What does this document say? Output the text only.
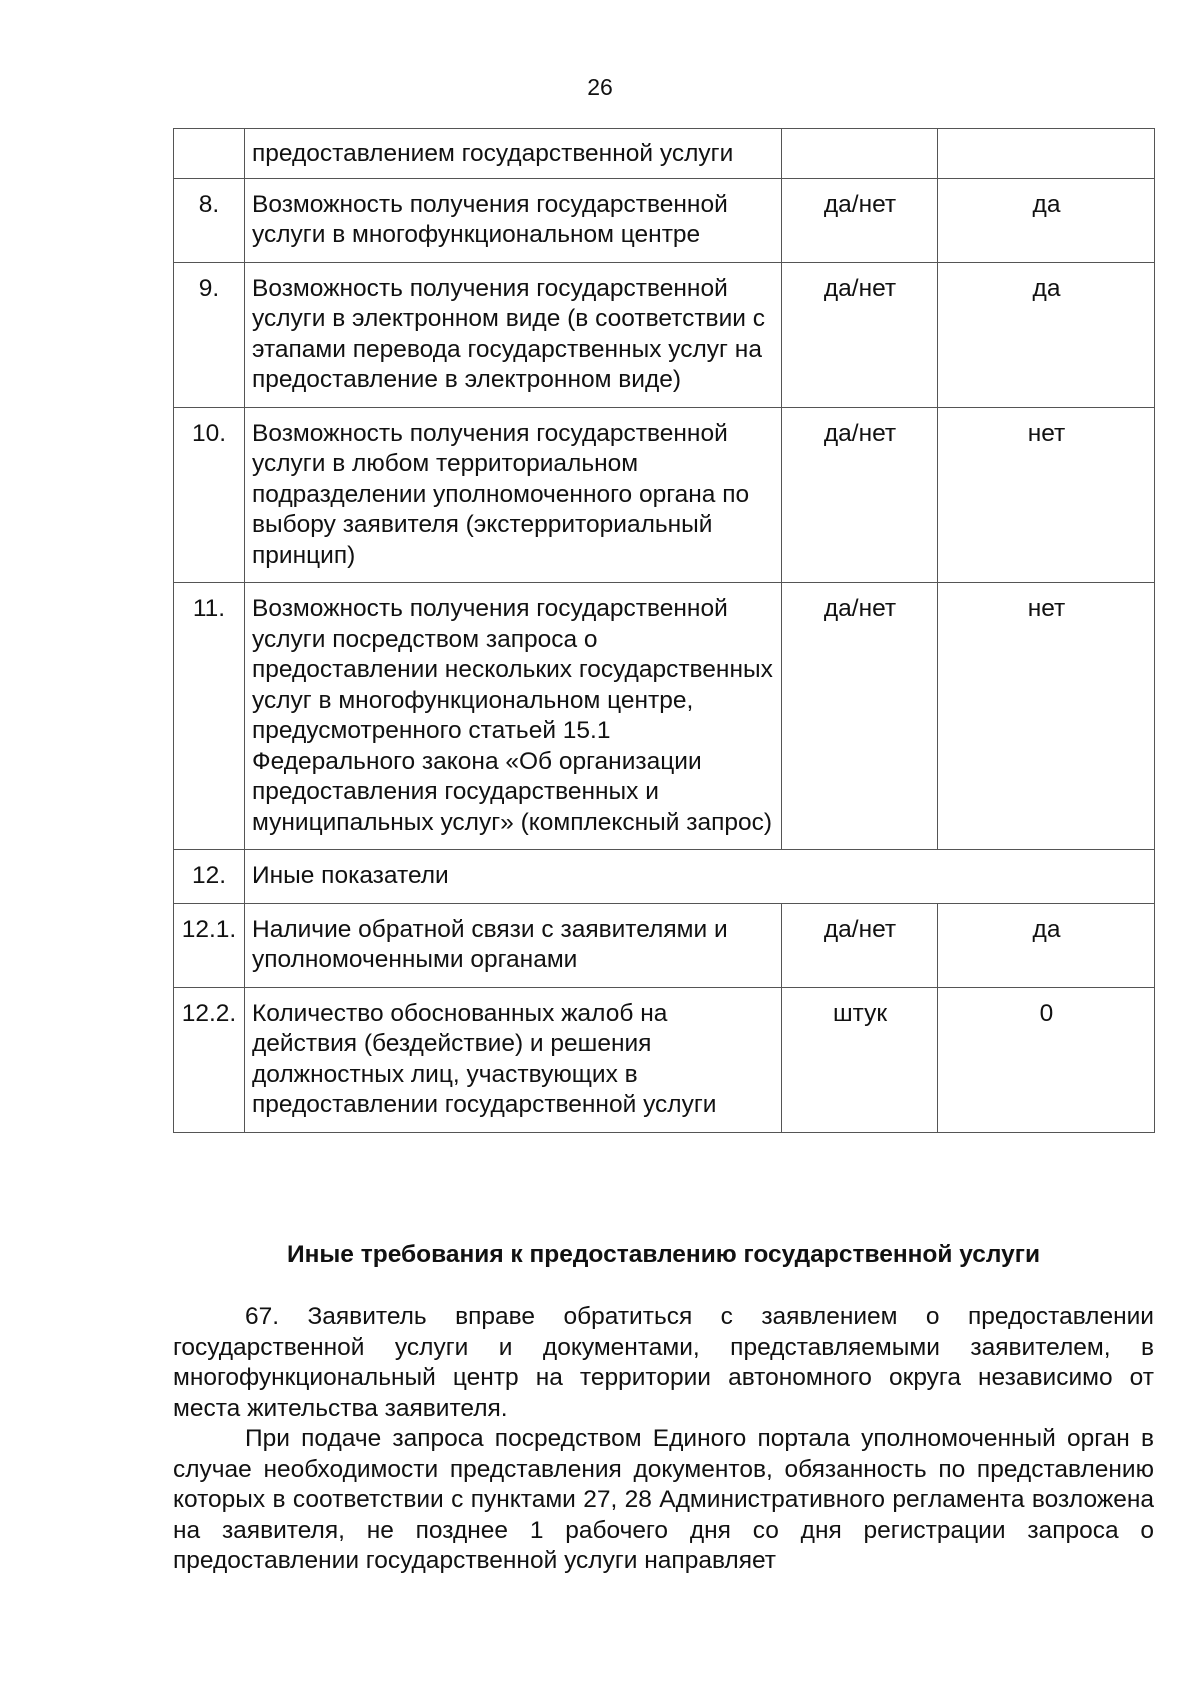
26
	предоставлением государственной услуги		
8.	Возможность получения государственной услуги в многофункциональном центре	да/нет	да
9.	Возможность получения государственной услуги в электронном виде (в соответствии с этапами перевода государственных услуг на предоставление в электронном виде)	да/нет	да
10.	Возможность получения государственной услуги в любом территориальном подразделении уполномоченного органа по выбору заявителя (экстерриториальный принцип)	да/нет	нет
11.	Возможность получения государственной услуги посредством запроса о предоставлении нескольких государственных услуг в многофункциональном центре, предусмотренного статьей 15.1 Федерального закона «Об организации предоставления государственных и муниципальных услуг» (комплексный запрос)	да/нет	нет
12.	Иные показатели		
12.1.	Наличие обратной связи с заявителями и уполномоченными органами	да/нет	да
12.2.	Количество обоснованных жалоб на действия (бездействие) и решения должностных лиц, участвующих в предоставлении государственной услуги	штук	0
Иные требования к предоставлению государственной услуги

67. Заявитель вправе обратиться с заявлением о предоставлении государственной услуги и документами, представляемыми заявителем, в многофункциональный центр на территории автономного округа независимо от места жительства заявителя.

При подаче запроса посредством Единого портала уполномоченный орган в случае необходимости представления документов, обязанность по представлению которых в соответствии с пунктами 27, 28 Административного регламента возложена на заявителя, не позднее 1 рабочего дня со дня регистрации запроса о предоставлении государственной услуги направляет
